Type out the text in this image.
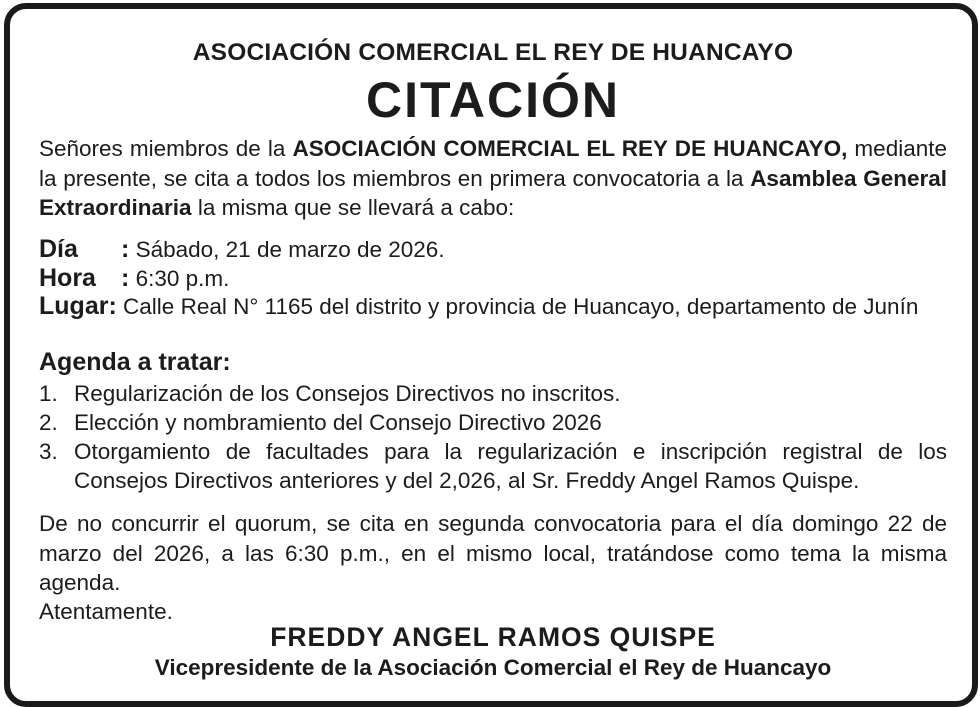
ASOCIACIÓN COMERCIAL EL REY DE HUANCAYO
CITACIÓN
Señores miembros de la ASOCIACIÓN COMERCIAL EL REY DE HUANCAYO, mediante la presente, se cita a todos los miembros en primera convocatoria a la Asamblea General Extraordinaria la misma que se llevará a cabo:
Día : Sábado, 21 de marzo de 2026.
Hora : 6:30 p.m.
Lugar: Calle Real N° 1165 del distrito y provincia de Huancayo, departamento de Junín
Agenda a tratar:
1. Regularización de los Consejos Directivos no inscritos.
2. Elección y nombramiento del Consejo Directivo 2026
3. Otorgamiento de facultades para la regularización e inscripción registral de los Consejos Directivos anteriores y del 2,026, al Sr. Freddy Angel Ramos Quispe.
De no concurrir el quorum, se cita en segunda convocatoria para el día domingo 22 de marzo del 2026, a las 6:30 p.m., en el mismo local, tratándose como tema la misma agenda.
Atentamente.
FREDDY ANGEL RAMOS QUISPE
Vicepresidente de la Asociación Comercial el Rey de Huancayo
